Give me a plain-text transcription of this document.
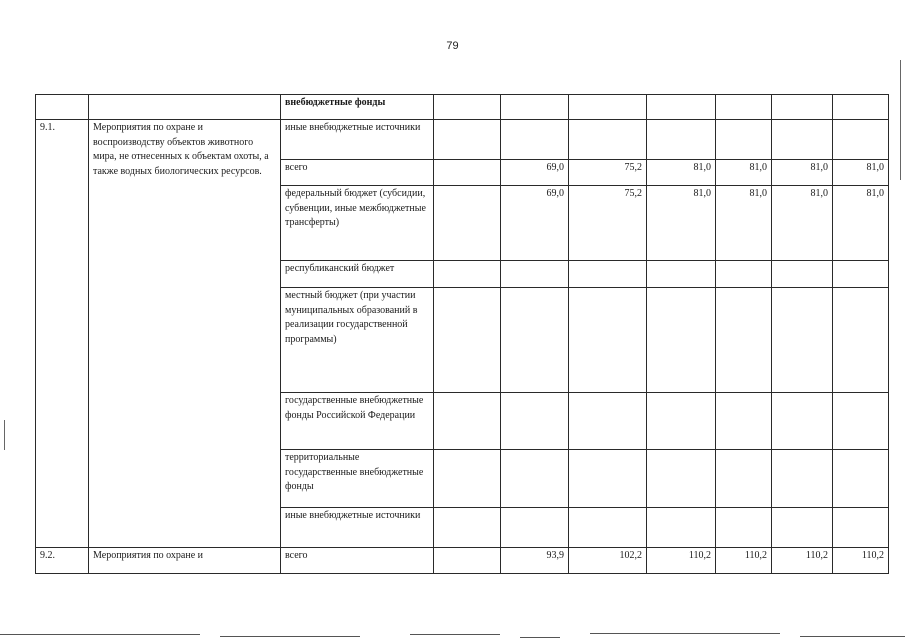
79
		внебюджетные фонды							
9.1.	Мероприятия по охране и воспроизводству объектов животного мира, не отнесенных к объектам охоты, а также водных биологических ресурсов.	иные внебюджетные источники							
		всего		69,0	75,2	81,0	81,0	81,0	81,0
		федеральный бюджет (субсидии, субвенции, иные межбюджетные трансферты)		69,0	75,2	81,0	81,0	81,0	81,0
		республиканский бюджет							
		местный бюджет (при участии муниципальных образований в реализации государственной программы)							
		государственные внебюджетные фонды Российской Федерации							
		территориальные государственные внебюджетные фонды							
		иные внебюджетные источники							
9.2.	Мероприятия по охране и	всего		93,9	102,2	110,2	110,2	110,2	110,2
